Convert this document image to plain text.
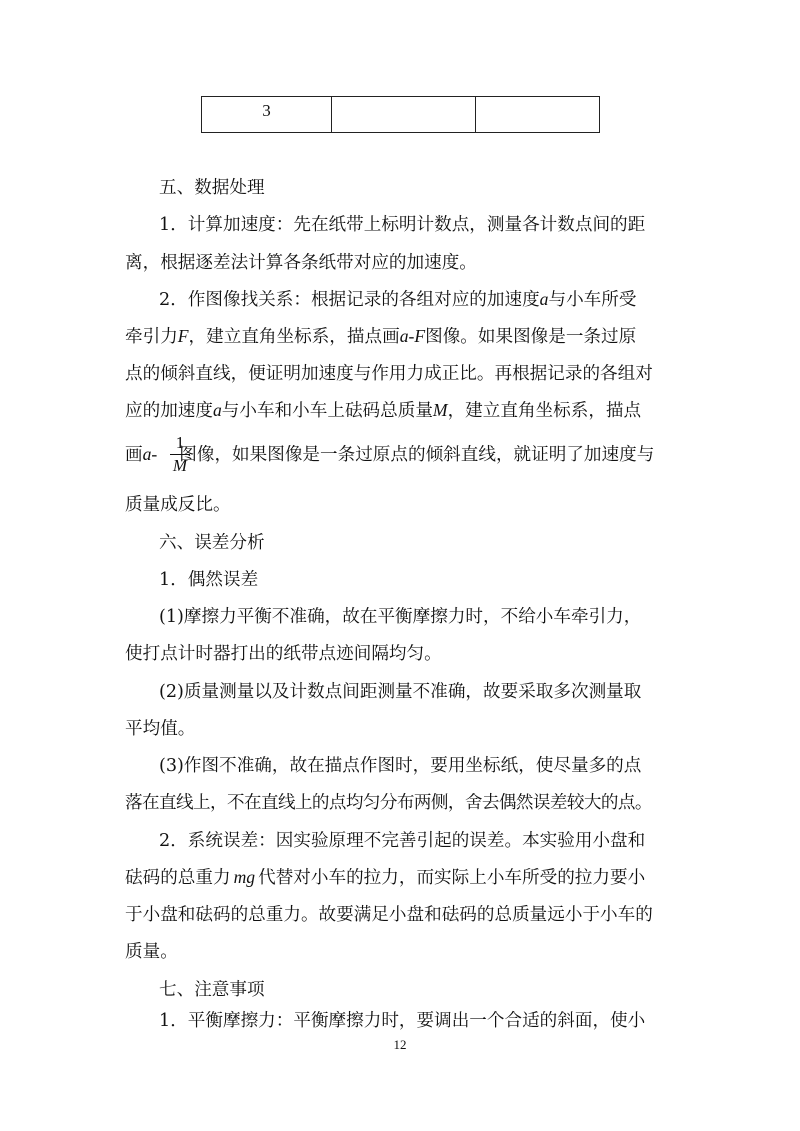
3		
五、数据处理
1．计算加速度：先在纸带上标明计数点，测量各计数点间的距
离，根据逐差法计算各条纸带对应的加速度。
2．作图像找关系：根据记录的各组对应的加速度a与小车所受
牵引力F，建立直角坐标系，描点画a-F图像。如果图像是一条过原
点的倾斜直线，便证明加速度与作用力成正比。再根据记录的各组对
应的加速度a与小车和小车上砝码总质量M，建立直角坐标系，描点
画a- 图像，如果图像是一条过原点的倾斜直线，就证明了加速度与
1
M
质量成反比。
六、误差分析
1．偶然误差
(1)摩擦力平衡不准确，故在平衡摩擦力时，不给小车牵引力，
使打点计时器打出的纸带点迹间隔均匀。
(2)质量测量以及计数点间距测量不准确，故要采取多次测量取
平均值。
(3)作图不准确，故在描点作图时，要用坐标纸，使尽量多的点
落在直线上，不在直线上的点均匀分布两侧，舍去偶然误差较大的点。
2．系统误差：因实验原理不完善引起的误差。本实验用小盘和
砝码的总重力 mg 代替对小车的拉力，而实际上小车所受的拉力要小
于小盘和砝码的总重力。故要满足小盘和砝码的总质量远小于小车的
质量。
七、注意事项
1．平衡摩擦力：平衡摩擦力时，要调出一个合适的斜面，使小
12
